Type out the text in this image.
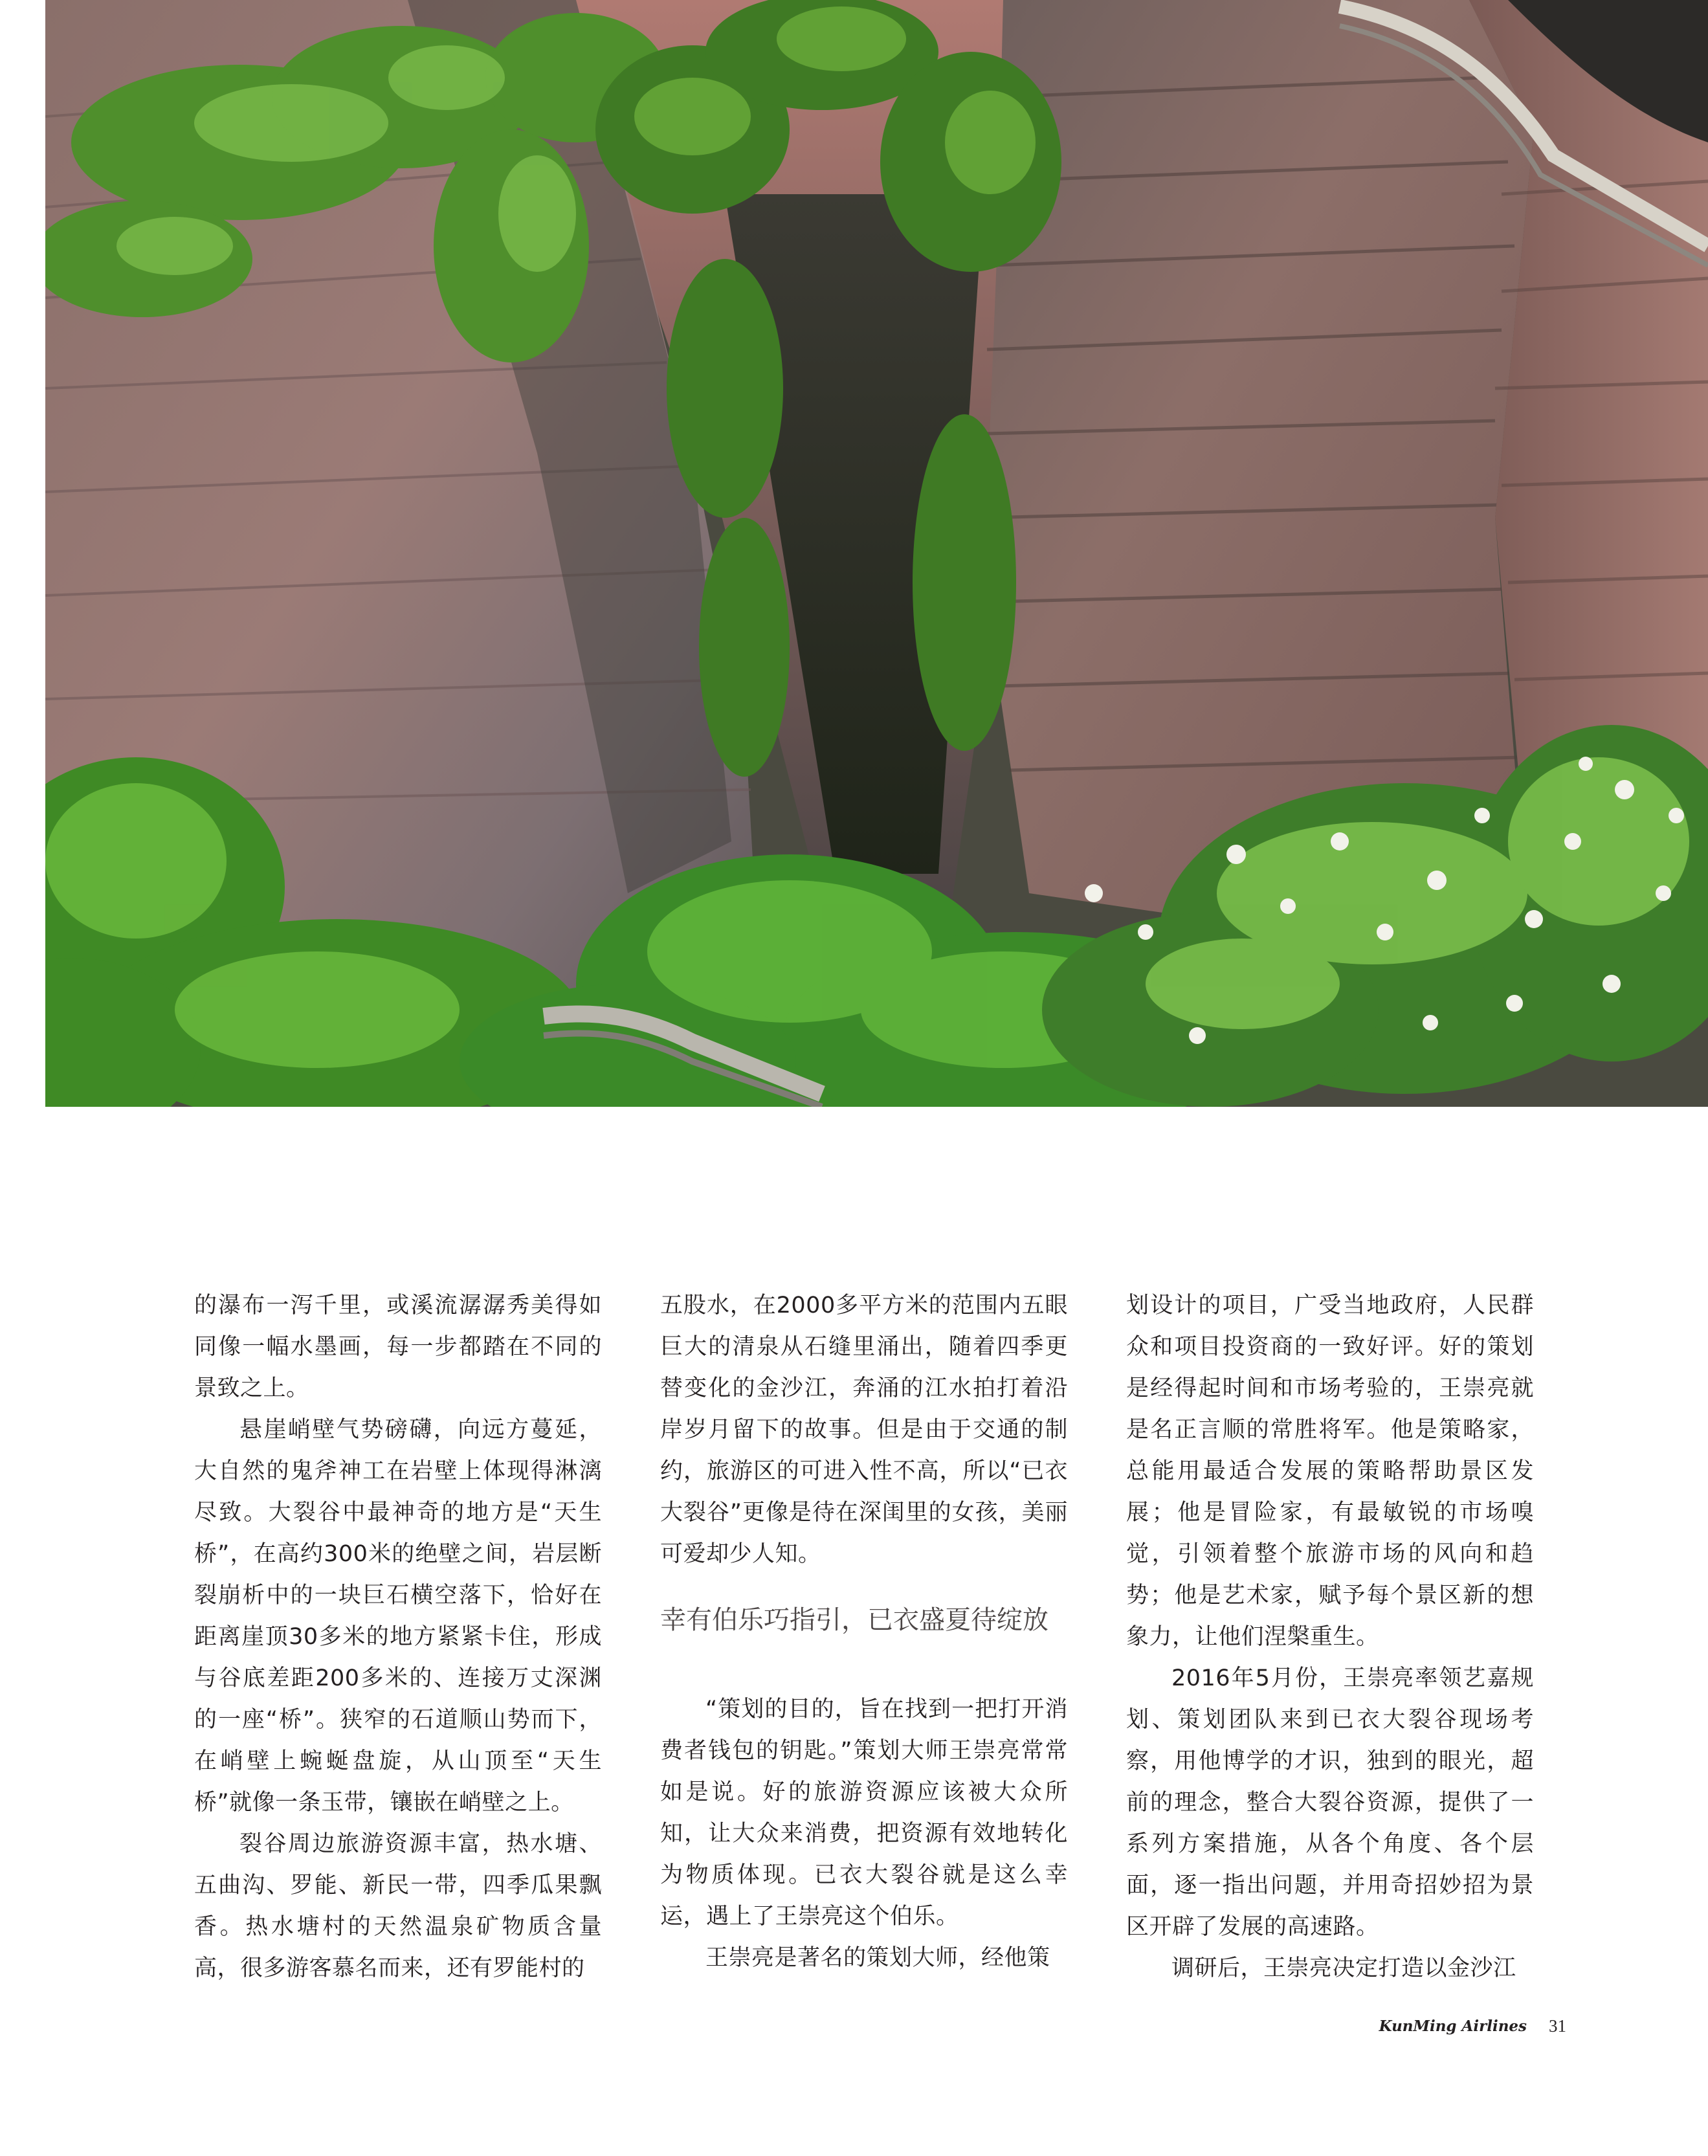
的瀑布一泻千里，或溪流潺潺秀美得如同像一幅水墨画，每一步都踏在不同的景致之上。

悬崖峭壁气势磅礴，向远方蔓延，大自然的鬼斧神工在岩壁上体现得淋漓尽致。大裂谷中最神奇的地方是“天生桥”，在高约300米的绝壁之间，岩层断裂崩析中的一块巨石横空落下，恰好在距离崖顶30多米的地方紧紧卡住，形成与谷底差距200多米的、连接万丈深渊的一座“桥”。狭窄的石道顺山势而下，在峭壁上蜿蜒盘旋，从山顶至“天生桥”就像一条玉带，镶嵌在峭壁之上。

裂谷周边旅游资源丰富，热水塘、五曲沟、罗能、新民一带，四季瓜果飘香。热水塘村的天然温泉矿物质含量高，很多游客慕名而来，还有罗能村的

五股水，在2000多平方米的范围内五眼巨大的清泉从石缝里涌出，随着四季更替变化的金沙江，奔涌的江水拍打着沿岸岁月留下的故事。但是由于交通的制约，旅游区的可进入性不高，所以“已衣大裂谷”更像是待在深闺里的女孩，美丽可爱却少人知。

幸有伯乐巧指引，已衣盛夏待绽放

“策划的目的，旨在找到一把打开消费者钱包的钥匙。”策划大师王崇亮常常如是说。好的旅游资源应该被大众所知，让大众来消费，把资源有效地转化为物质体现。已衣大裂谷就是这么幸运，遇上了王崇亮这个伯乐。

王崇亮是著名的策划大师，经他策

划设计的项目，广受当地政府，人民群众和项目投资商的一致好评。好的策划是经得起时间和市场考验的，王崇亮就是名正言顺的常胜将军。他是策略家，总能用最适合发展的策略帮助景区发展；他是冒险家，有最敏锐的市场嗅觉，引领着整个旅游市场的风向和趋势；他是艺术家，赋予每个景区新的想象力，让他们涅槃重生。

2016年5月份，王崇亮率领艺嘉规划、策划团队来到已衣大裂谷现场考察，用他博学的才识，独到的眼光，超前的理念，整合大裂谷资源，提供了一系列方案措施，从各个角度、各个层面，逐一指出问题，并用奇招妙招为景区开辟了发展的高速路。

调研后，王崇亮决定打造以金沙江

KunMing Airlines 31
